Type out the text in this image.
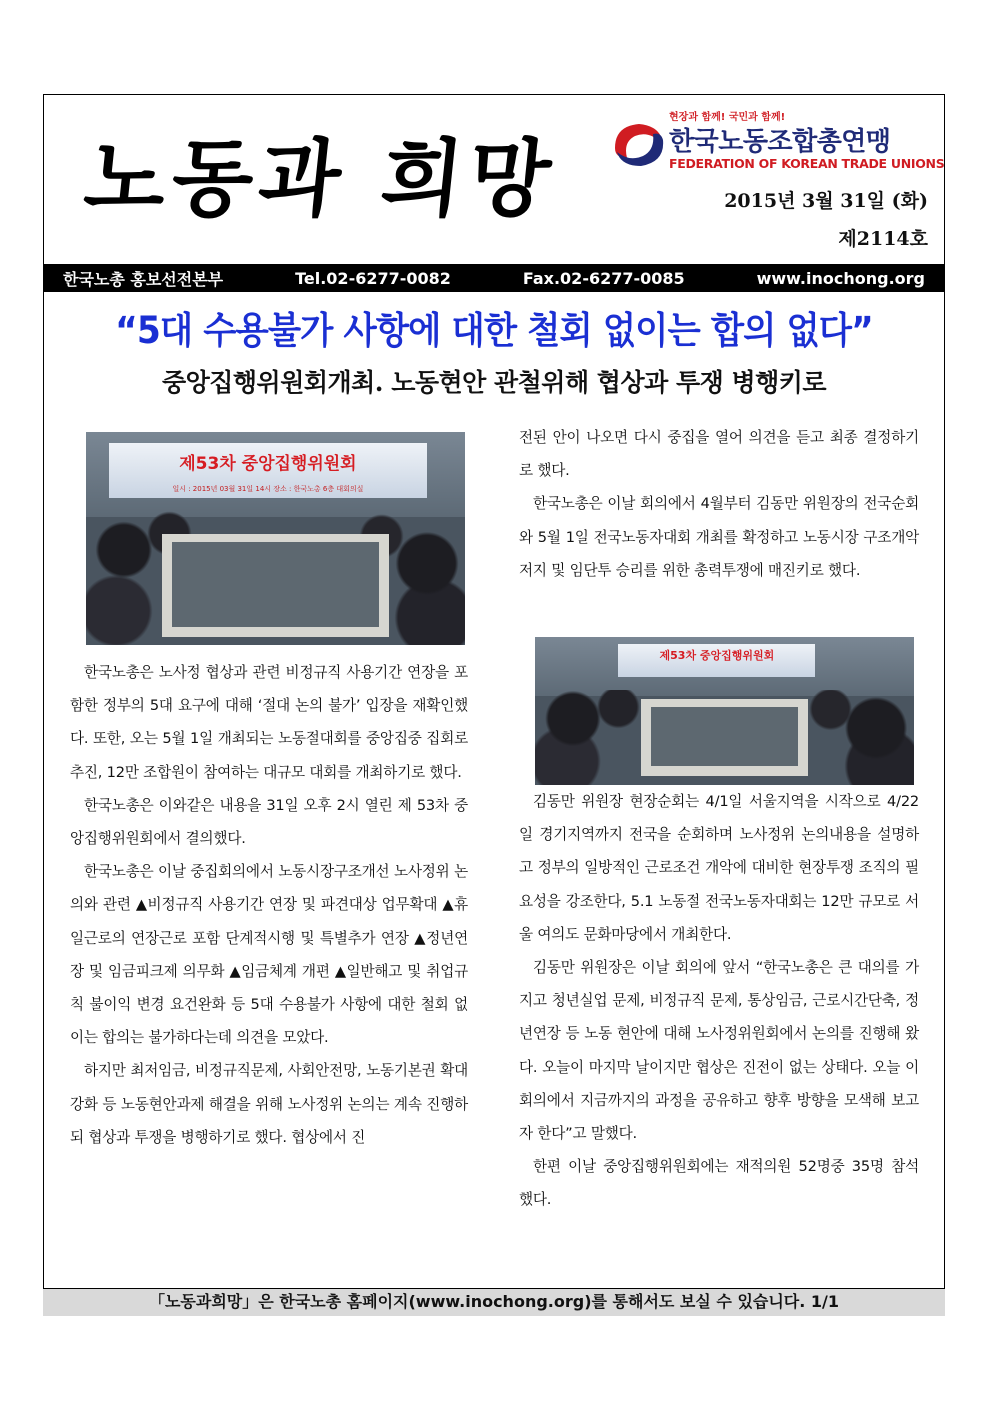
노동과 희망
현장과 함께! 국민과 함께!
한국노동조합총연맹
FEDERATION OF KOREAN TRADE UNIONS
2015년 3월 31일 (화)
제2114호
한국노총 홍보선전본부	Tel.02-6277-0082	Fax.02-6277-0085	www.inochong.org
“5대 수용불가 사항에 대한 철회 없이는 합의 없다”
중앙집행위원회개최. 노동현안 관철위해 협상과 투쟁 병행키로
제53차 중앙집행위원회
일시 : 2015년 03월 31일 14시 장소 : 한국노총 6층 대회의실
제53차 중앙집행위원회

한국노총은 노사정 협상과 관련 비정규직 사용기간 연장을 포함한 정부의 5대 요구에 대해 ‘절대 논의 불가’ 입장을 재확인했다. 또한, 오는 5월 1일 개최되는 노동절대회를 중앙집중 집회로 추진, 12만 조합원이 참여하는 대규모 대회를 개최하기로 했다.

한국노총은 이와같은 내용을 31일 오후 2시 열린 제 53차 중앙집행위원회에서 결의했다.

한국노총은 이날 중집회의에서 노동시장구조개선 노사정위 논의와 관련 ▲비정규직 사용기간 연장 및 파견대상 업무확대 ▲휴일근로의 연장근로 포함 단계적시행 및 특별추가 연장 ▲정년연장 및 임금피크제 의무화 ▲임금체계 개편 ▲일반해고 및 취업규칙 불이익 변경 요건완화 등 5대 수용불가 사항에 대한 철회 없이는 합의는 불가하다는데 의견을 모았다.

하지만 최저임금, 비정규직문제, 사회안전망, 노동기본권 확대강화 등 노동현안과제 해결을 위해 노사정위 논의는 계속 진행하되 협상과 투쟁을 병행하기로 했다. 협상에서 진

전된 안이 나오면 다시 중집을 열어 의견을 듣고 최종 결정하기로 했다.

한국노총은 이날 회의에서 4월부터 김동만 위원장의 전국순회와 5월 1일 전국노동자대회 개최를 확정하고 노동시장 구조개악 저지 및 임단투 승리를 위한 총력투쟁에 매진키로 했다.

김동만 위원장 현장순회는 4/1일 서울지역을 시작으로 4/22일 경기지역까지 전국을 순회하며 노사정위 논의내용을 설명하고 정부의 일방적인 근로조건 개악에 대비한 현장투쟁 조직의 필요성을 강조한다, 5.1 노동절 전국노동자대회는 12만 규모로 서울 여의도 문화마당에서 개최한다.

김동만 위원장은 이날 회의에 앞서 “한국노총은 큰 대의를 가지고 청년실업 문제, 비정규직 문제, 통상임금, 근로시간단축, 정년연장 등 노동 현안에 대해 노사정위원회에서 논의를 진행해 왔다. 오늘이 마지막 날이지만 협상은 진전이 없는 상태다. 오늘 이 회의에서 지금까지의 과정을 공유하고 향후 방향을 모색해 보고자 한다”고 말했다.

한편 이날 중앙집행위원회에는 재적의원 52명중 35명 참석 했다.

「노동과희망」은 한국노총 홈페이지(www.inochong.org)를 통해서도 보실 수 있습니다. 1/1
